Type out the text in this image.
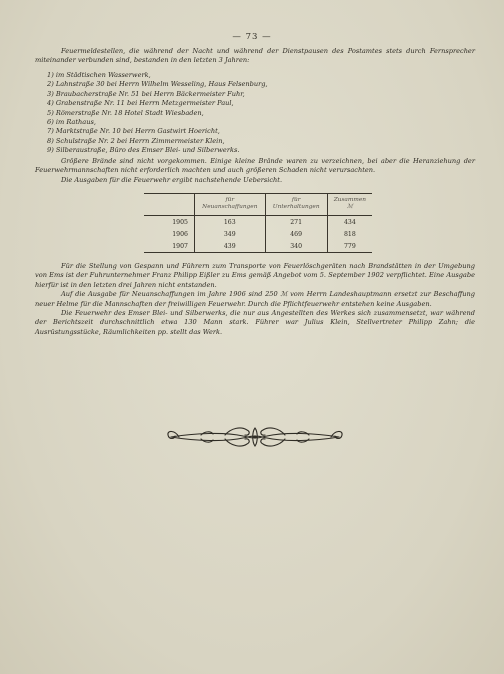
— 73 —

Feuermeldestellen, die während der Nacht und während der Dienstpausen des Postamtes stets durch Fernsprecher miteinander verbunden sind, bestanden in den letzten 3 Jahren:

1) im Städtischen Wasserwerk,
2) Lahnstraße 30 bei Herrn Wilhelm Wesseling, Haus Felsenburg,
3) Braubacherstraße Nr. 51 bei Herrn Bäckermeister Fuhr,
4) Grabenstraße Nr. 11 bei Herrn Metzgermeister Paul,
5) Römerstraße Nr. 18 Hotel Stadt Wiesbaden,
6) im Rathaus,
7) Marktstraße Nr. 10 bei Herrn Gastwirt Hoericht,
8) Schulstraße Nr. 2 bei Herrn Zimmermeister Klein,
9) Silberaustraße, Büro des Emser Blei- und Silberwerks.

Größere Brände sind nicht vorgekommen. Einige kleine Brände waren zu verzeichnen, bei aber die Heranziehung der Feuerwehrmannschaften nicht erforderlich machten und auch größeren Schaden nicht verursachten.

Die Ausgaben für die Feuerwehr ergibt nachstehende Uebersicht.

	für Neuanschaffungen	für Unterhaltungen	Zusammen ℳ
1905	163	271	434
1906	349	469	818
1907	439	340	779

Für die Stellung von Gespann und Führern zum Transporte von Feuerlöschgeräten nach Brandstätten in der Umgebung von Ems ist der Fuhrunternehmer Franz Philipp Eißler zu Ems gemäß Angebot vom 5. September 1902 verpflichtet. Eine Ausgabe hierfür ist in den letzten drei Jahren nicht entstanden.

Auf die Ausgabe für Neuanschaffungen im Jahre 1906 sind 250 ℳ vom Herrn Landeshauptmann ersetzt zur Beschaffung neuer Helme für die Mannschaften der freiwilligen Feuerwehr. Durch die Pflichtfeuerwehr entstehen keine Ausgaben.

Die Feuerwehr des Emser Blei- und Silberwerks, die nur aus Angestellten des Werkes sich zusammensetzt, war während der Berichtszeit durchschnittlich etwa 130 Mann stark. Führer war Julius Klein, Stellvertreter Philipp Zahn; die Ausrüstungsstücke, Räumlichkeiten pp. stellt das Werk.
